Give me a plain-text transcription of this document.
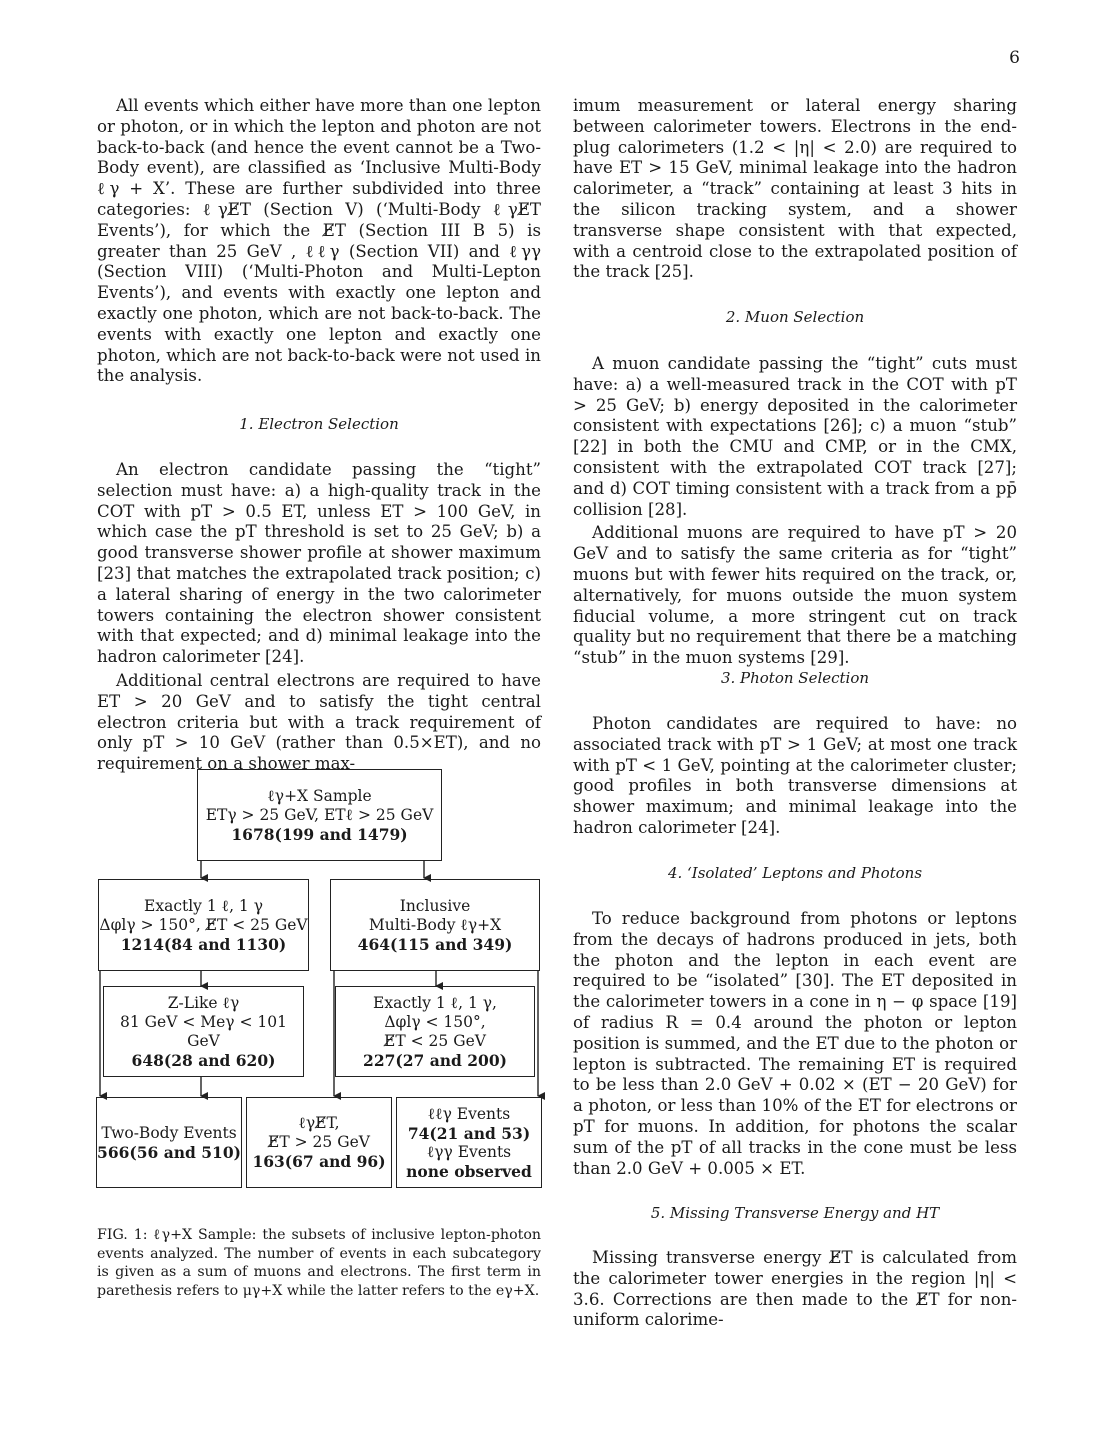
6

All events which either have more than one lepton or photon, or in which the lepton and photon are not back-to-back (and hence the event cannot be a Two-Body event), are classified as ‘Inclusive Multi-Body ℓγ + X’. These are further subdivided into three categories: ℓγE̸T (Section V) (‘Multi-Body ℓγE̸T Events’), for which the E̸T (Section III B 5) is greater than 25 GeV , ℓℓγ (Section VII) and ℓγγ (Section VIII) (‘Multi-Photon and Multi-Lepton Events’), and events with exactly one lepton and exactly one photon, which are not back-to-back. The events with exactly one lepton and exactly one photon, which are not back-to-back were not used in the analysis.

1. Electron Selection

An electron candidate passing the “tight” selection must have: a) a high-quality track in the COT with pT > 0.5 ET, unless ET > 100 GeV, in which case the pT threshold is set to 25 GeV; b) a good transverse shower profile at shower maximum [23] that matches the extrapolated track position; c) a lateral sharing of energy in the two calorimeter towers containing the electron shower consistent with that expected; and d) minimal leakage into the hadron calorimeter [24].

Additional central electrons are required to have ET > 20 GeV and to satisfy the tight central electron criteria but with a track requirement of only pT > 10 GeV (rather than 0.5×ET), and no requirement on a shower max-

imum measurement or lateral energy sharing between calorimeter towers. Electrons in the end-plug calorimeters (1.2 < |η| < 2.0) are required to have ET > 15 GeV, minimal leakage into the hadron calorimeter, a “track” containing at least 3 hits in the silicon tracking system, and a shower transverse shape consistent with that expected, with a centroid close to the extrapolated position of the track [25].

2. Muon Selection

A muon candidate passing the “tight” cuts must have: a) a well-measured track in the COT with pT > 25 GeV; b) energy deposited in the calorimeter consistent with expectations [26]; c) a muon “stub” [22] in both the CMU and CMP, or in the CMX, consistent with the extrapolated COT track [27]; and d) COT timing consistent with a track from a pp̄ collision [28].

Additional muons are required to have pT > 20 GeV and to satisfy the same criteria as for “tight” muons but with fewer hits required on the track, or, alternatively, for muons outside the muon system fiducial volume, a more stringent cut on track quality but no requirement that there be a matching “stub” in the muon systems [29].

3. Photon Selection

Photon candidates are required to have: no associated track with pT > 1 GeV; at most one track with pT < 1 GeV, pointing at the calorimeter cluster; good profiles in both transverse dimensions at shower maximum; and minimal leakage into the hadron calorimeter [24].

4. ‘Isolated’ Leptons and Photons

To reduce background from photons or leptons from the decays of hadrons produced in jets, both the photon and the lepton in each event are required to be “isolated” [30]. The ET deposited in the calorimeter towers in a cone in η − φ space [19] of radius R = 0.4 around the photon or lepton position is summed, and the ET due to the photon or lepton is subtracted. The remaining ET is required to be less than 2.0 GeV + 0.02 × (ET − 20 GeV) for a photon, or less than 10% of the ET for electrons or pT for muons. In addition, for photons the scalar sum of the pT of all tracks in the cone must be less than 2.0 GeV + 0.005 × ET.

5. Missing Transverse Energy and HT

Missing transverse energy E̸T is calculated from the calorimeter tower energies in the region |η| < 3.6. Corrections are then made to the E̸T for non-uniform calorime-

ℓγ+X Sample
ETγ > 25 GeV, ETℓ > 25 GeV
1678(199 and 1479)
Exactly 1 ℓ, 1 γ
Δφlγ > 150°, E̸T < 25 GeV
1214(84 and 1130)
Inclusive
Multi-Body ℓγ+X
464(115 and 349)
Z-Like ℓγ
81 GeV < Meγ < 101 GeV
648(28 and 620)
Exactly 1 ℓ, 1 γ,
Δφlγ < 150°,
E̸T < 25 GeV
227(27 and 200)
Two-Body Events
566(56 and 510)
ℓγE̸T,
E̸T > 25 GeV
163(67 and 96)
ℓℓγ Events
74(21 and 53)
ℓγγ Events
none observed
FIG. 1: ℓγ+X Sample: the subsets of inclusive lepton-photon events analyzed. The number of events in each subcategory is given as a sum of muons and electrons. The first term in parethesis refers to μγ+X while the latter refers to the eγ+X.
